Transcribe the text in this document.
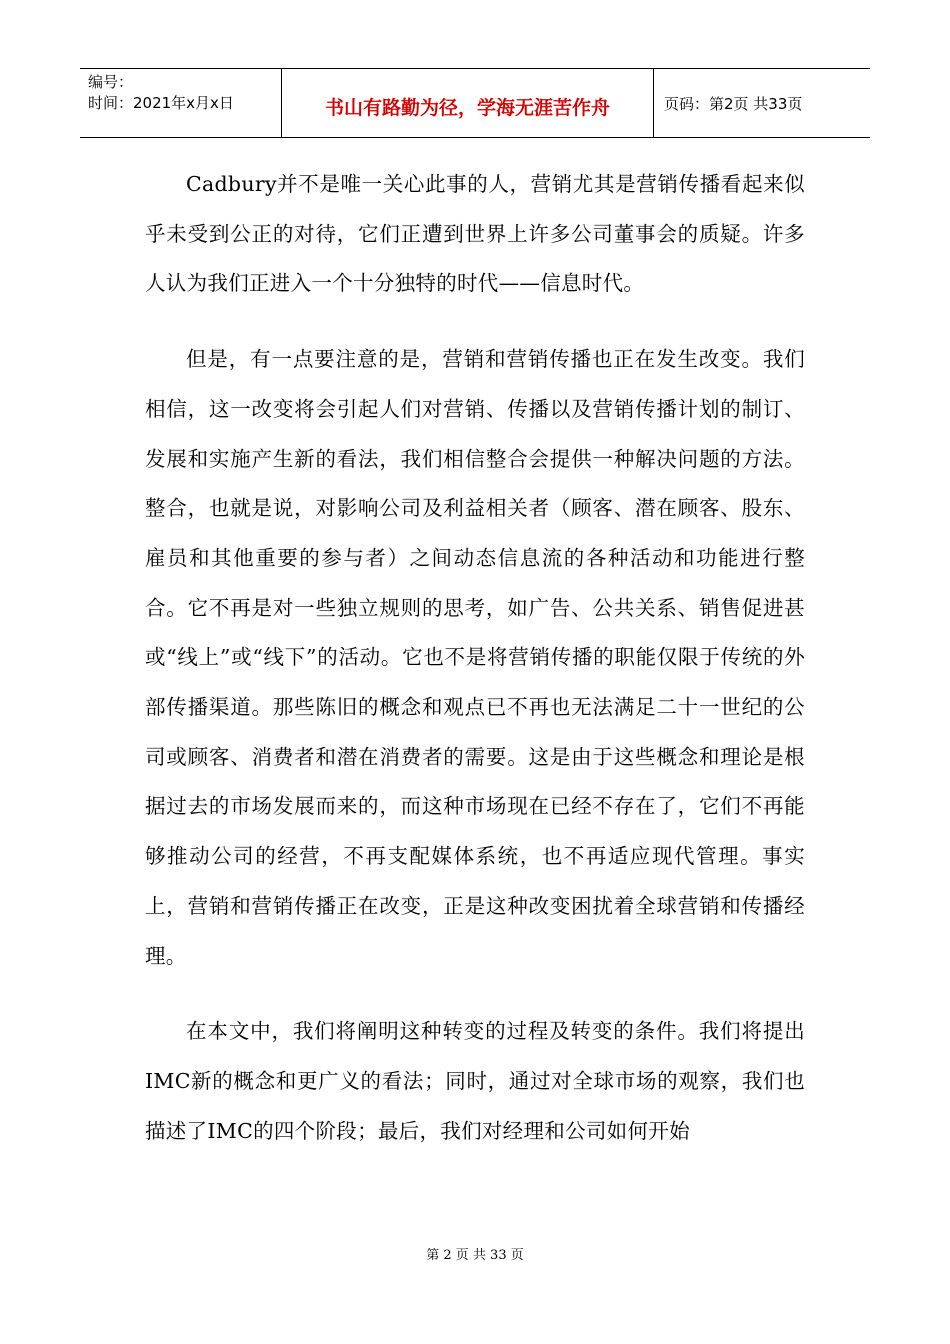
编号：
时间：2021年x月x日	书山有路勤为径，学海无涯苦作舟	页码：第2页 共33页

Cadbury并不是唯一关心此事的人，营销尤其是营销传播看起来似乎未受到公正的对待，它们正遭到世界上许多公司董事会的质疑。许多人认为我们正进入一个十分独特的时代——信息时代。

但是，有一点要注意的是，营销和营销传播也正在发生改变。我们相信，这一改变将会引起人们对营销、传播以及营销传播计划的制订、发展和实施产生新的看法，我们相信整合会提供一种解决问题的方法。整合，也就是说，对影响公司及利益相关者（顾客、潜在顾客、股东、雇员和其他重要的参与者）之间动态信息流的各种活动和功能进行整合。它不再是对一些独立规则的思考，如广告、公共关系、销售促进甚或“线上”或“线下”的活动。它也不是将营销传播的职能仅限于传统的外部传播渠道。那些陈旧的概念和观点已不再也无法满足二十一世纪的公司或顾客、消费者和潜在消费者的需要。这是由于这些概念和理论是根据过去的市场发展而来的，而这种市场现在已经不存在了，它们不再能够推动公司的经营，不再支配媒体系统，也不再适应现代管理。事实上，营销和营销传播正在改变，正是这种改变困扰着全球营销和传播经理。

在本文中，我们将阐明这种转变的过程及转变的条件。我们将提出IMC新的概念和更广义的看法；同时，通过对全球市场的观察，我们也描述了IMC的四个阶段；最后，我们对经理和公司如何开始

第 2 页 共 33 页
